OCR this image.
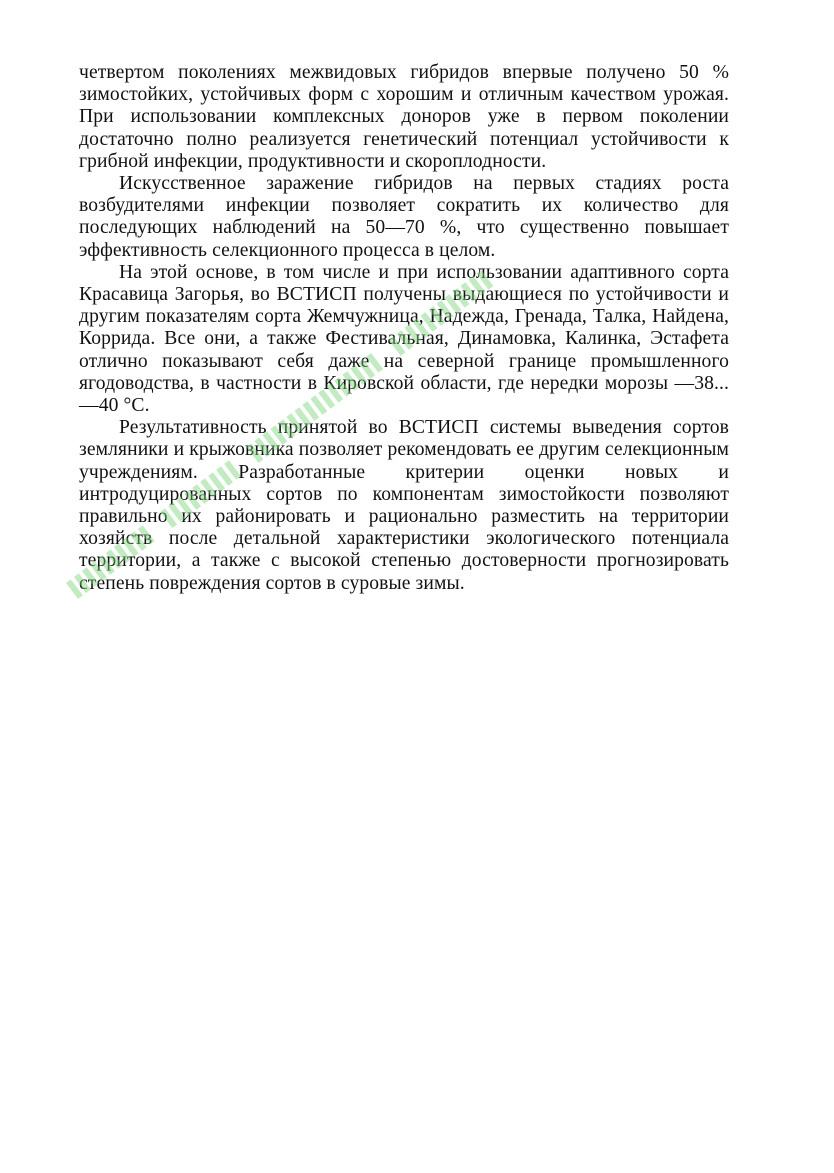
четвертом поколениях межвидовых гибридов впервые получено 50 % зимостойких, устойчивых форм с хорошим и отличным качеством урожая. При использовании комплексных доноров уже в первом поколении достаточно полно реализуется генетический потенциал устойчивости к грибной инфекции, продуктивности и скороплодности.

Искусственное заражение гибридов на первых стадиях роста возбудителями инфекции позволяет сократить их количество для последующих наблюдений на 50—70 %, что существенно повышает эффективность селекционного процесса в целом.

На этой основе, в том числе и при использовании адаптивного сорта Красавица Загорья, во ВСТИСП получены выдающиеся по устойчивости и другим показателям сорта Жемчужница, Надежда, Гренада, Талка, Найдена, Коррида. Все они, а также Фестивальная, Динамовка, Калинка, Эстафета отлично показывают себя даже на северной границе промышленного ягодоводства, в частности в Кировской области, где нередки морозы —38...—40 °С.

Результативность принятой во ВСТИСП системы выведения сортов земляники и крыжовника позволяет рекомендовать ее другим селекционным учреждениям. Разработанные критерии оценки новых и интродуцированных сортов по компонентам зимостойкости позволяют правильно их районировать и рационально разместить на территории хозяйств после детальной характеристики экологического потенциала территории, а также с высокой степенью достоверности прогнозировать степень повреждения сортов в суровые зимы.
